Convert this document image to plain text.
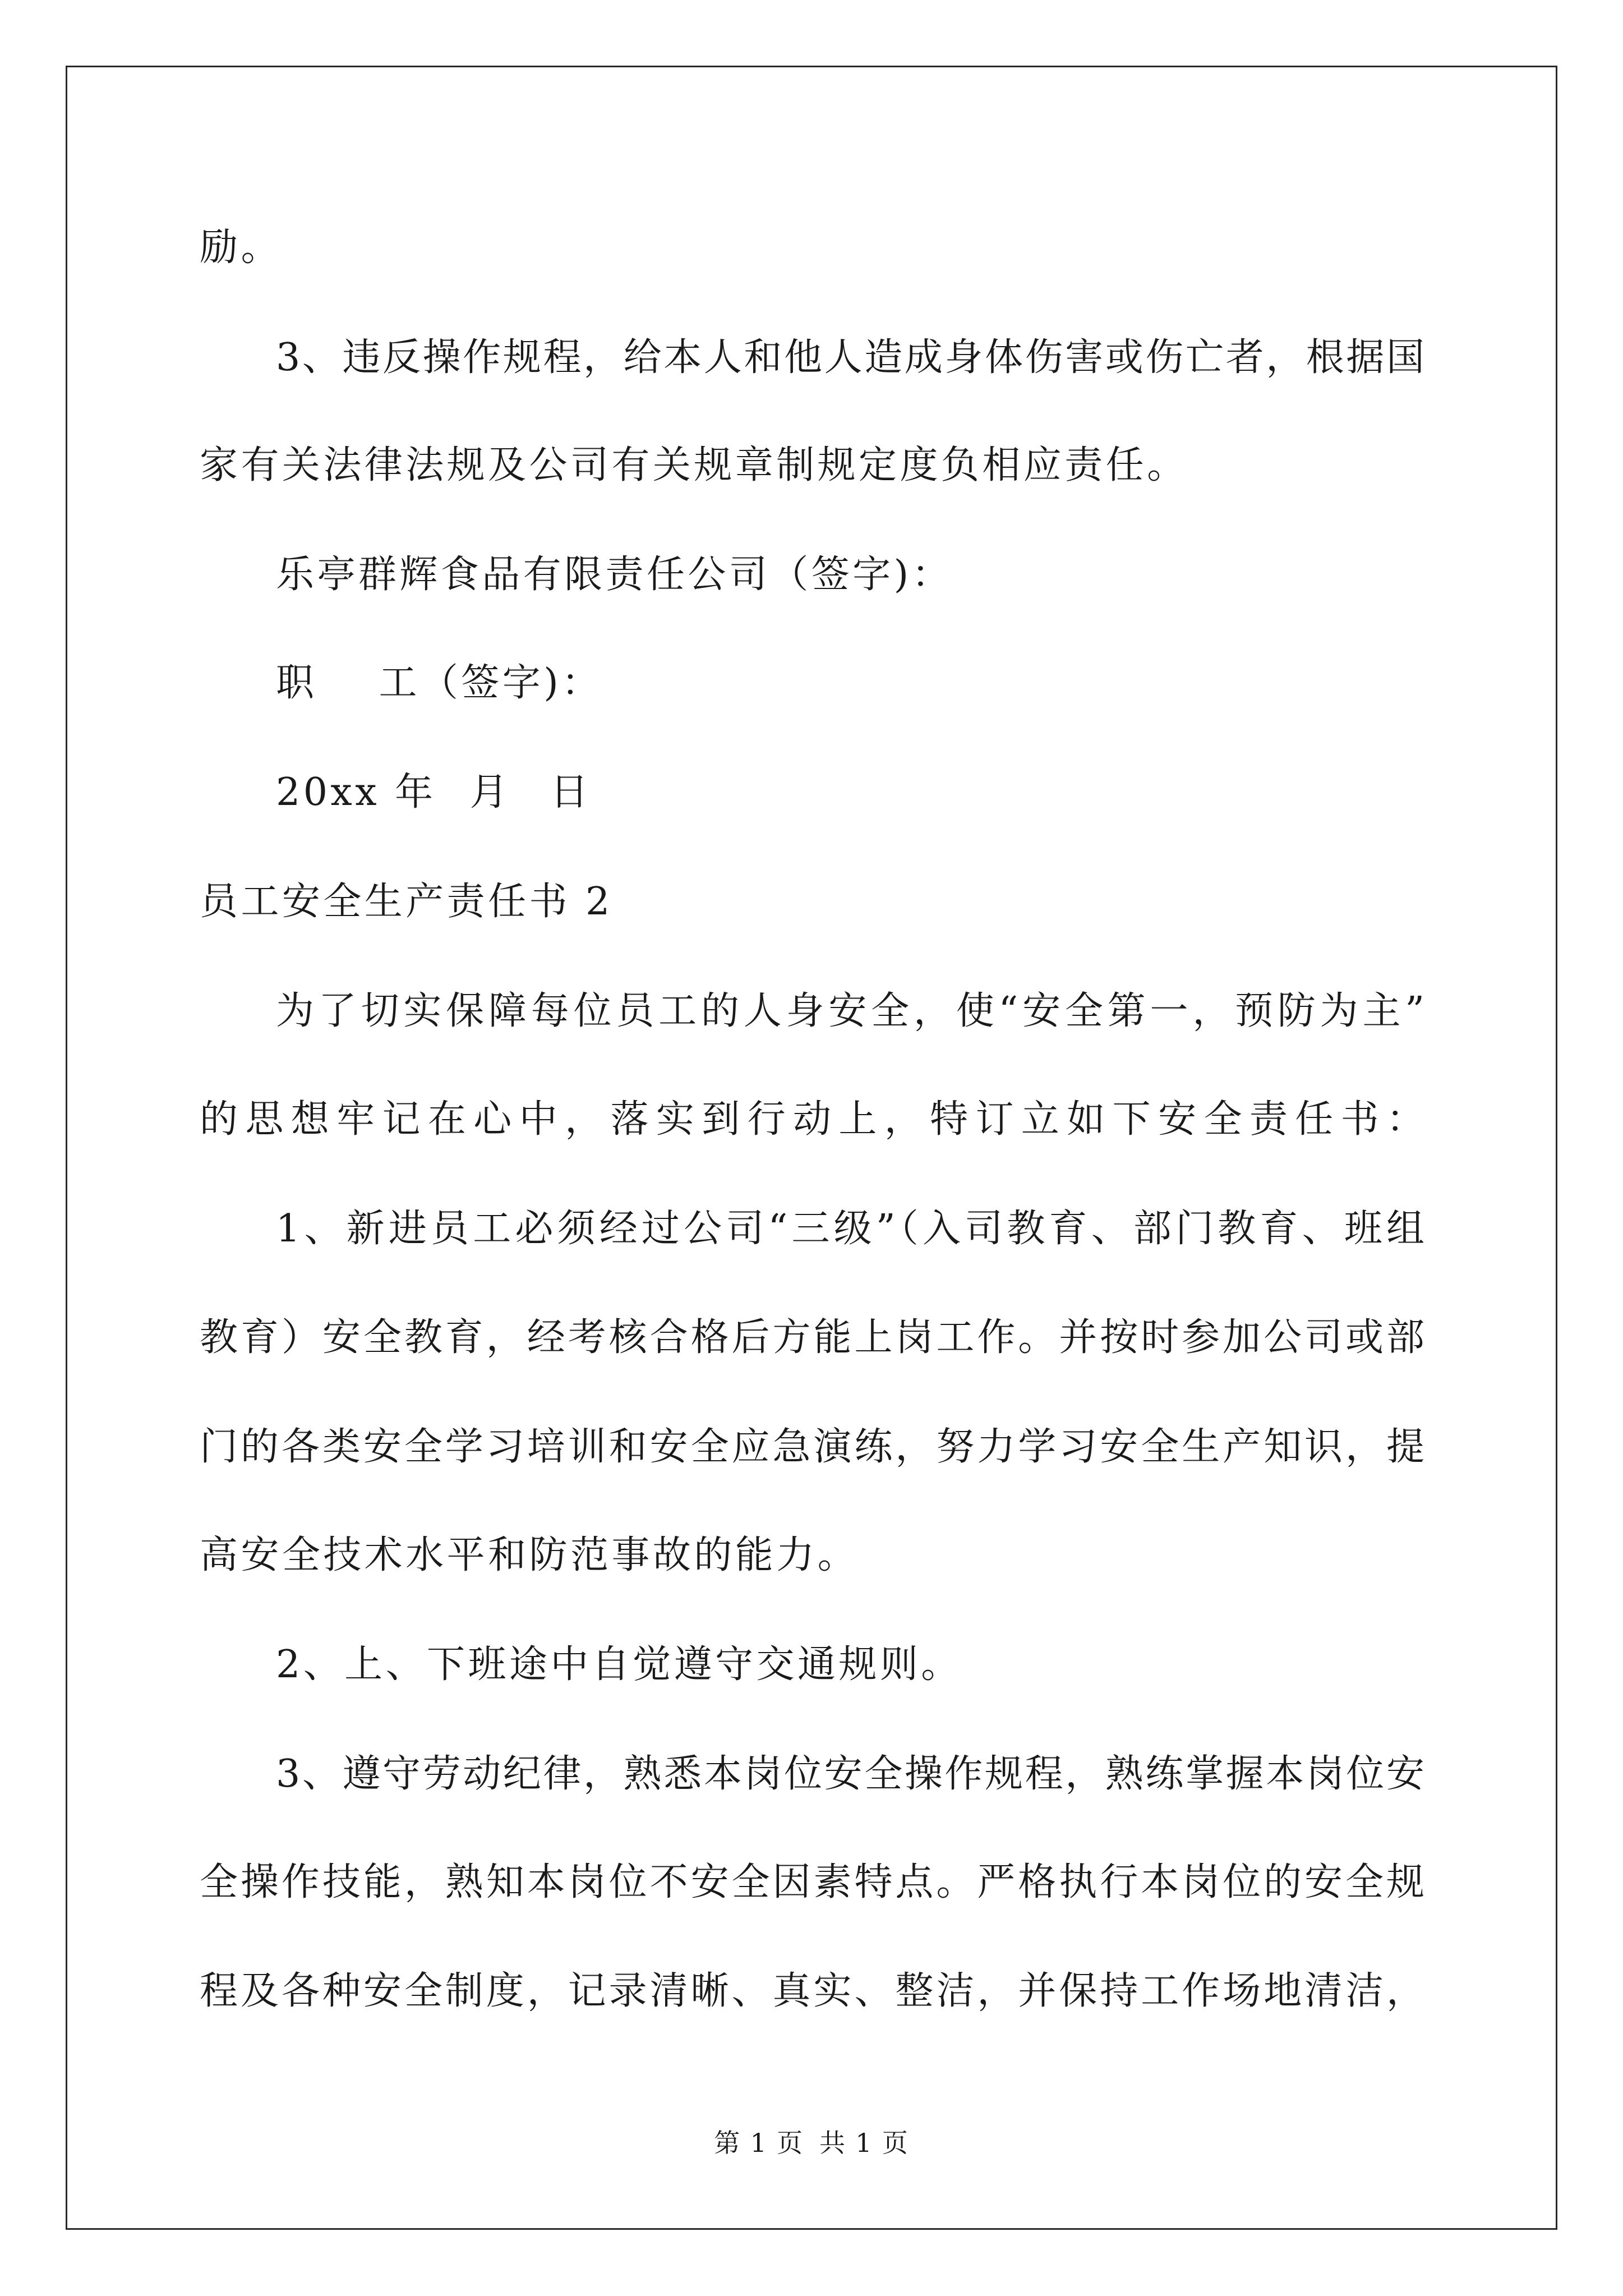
励。
3、违反操作规程，给本人和他人造成身体伤害或伤亡者，根据国
家有关法律法规及公司有关规章制规定度负相应责任。
乐亭群辉食品有限责任公司（签字)：
职 工（签字)：
20xx 年 月 日
员工安全生产责任书 2
为了切实保障每位员工的人身安全，使“安全第一，预防为主”
的思想牢记在心中，落实到行动上，特订立如下安全责任书：
1、新进员工必须经过公司“三级”（入司教育、部门教育、班组
教育）安全教育，经考核合格后方能上岗工作。并按时参加公司或部
门的各类安全学习培训和安全应急演练，努力学习安全生产知识，提
高安全技术水平和防范事故的能力。
2、上、下班途中自觉遵守交通规则。
3、遵守劳动纪律，熟悉本岗位安全操作规程，熟练掌握本岗位安
全操作技能，熟知本岗位不安全因素特点。严格执行本岗位的安全规
程及各种安全制度，记录清晰、真实、整洁，并保持工作场地清洁，
第 1 页 共 1 页
